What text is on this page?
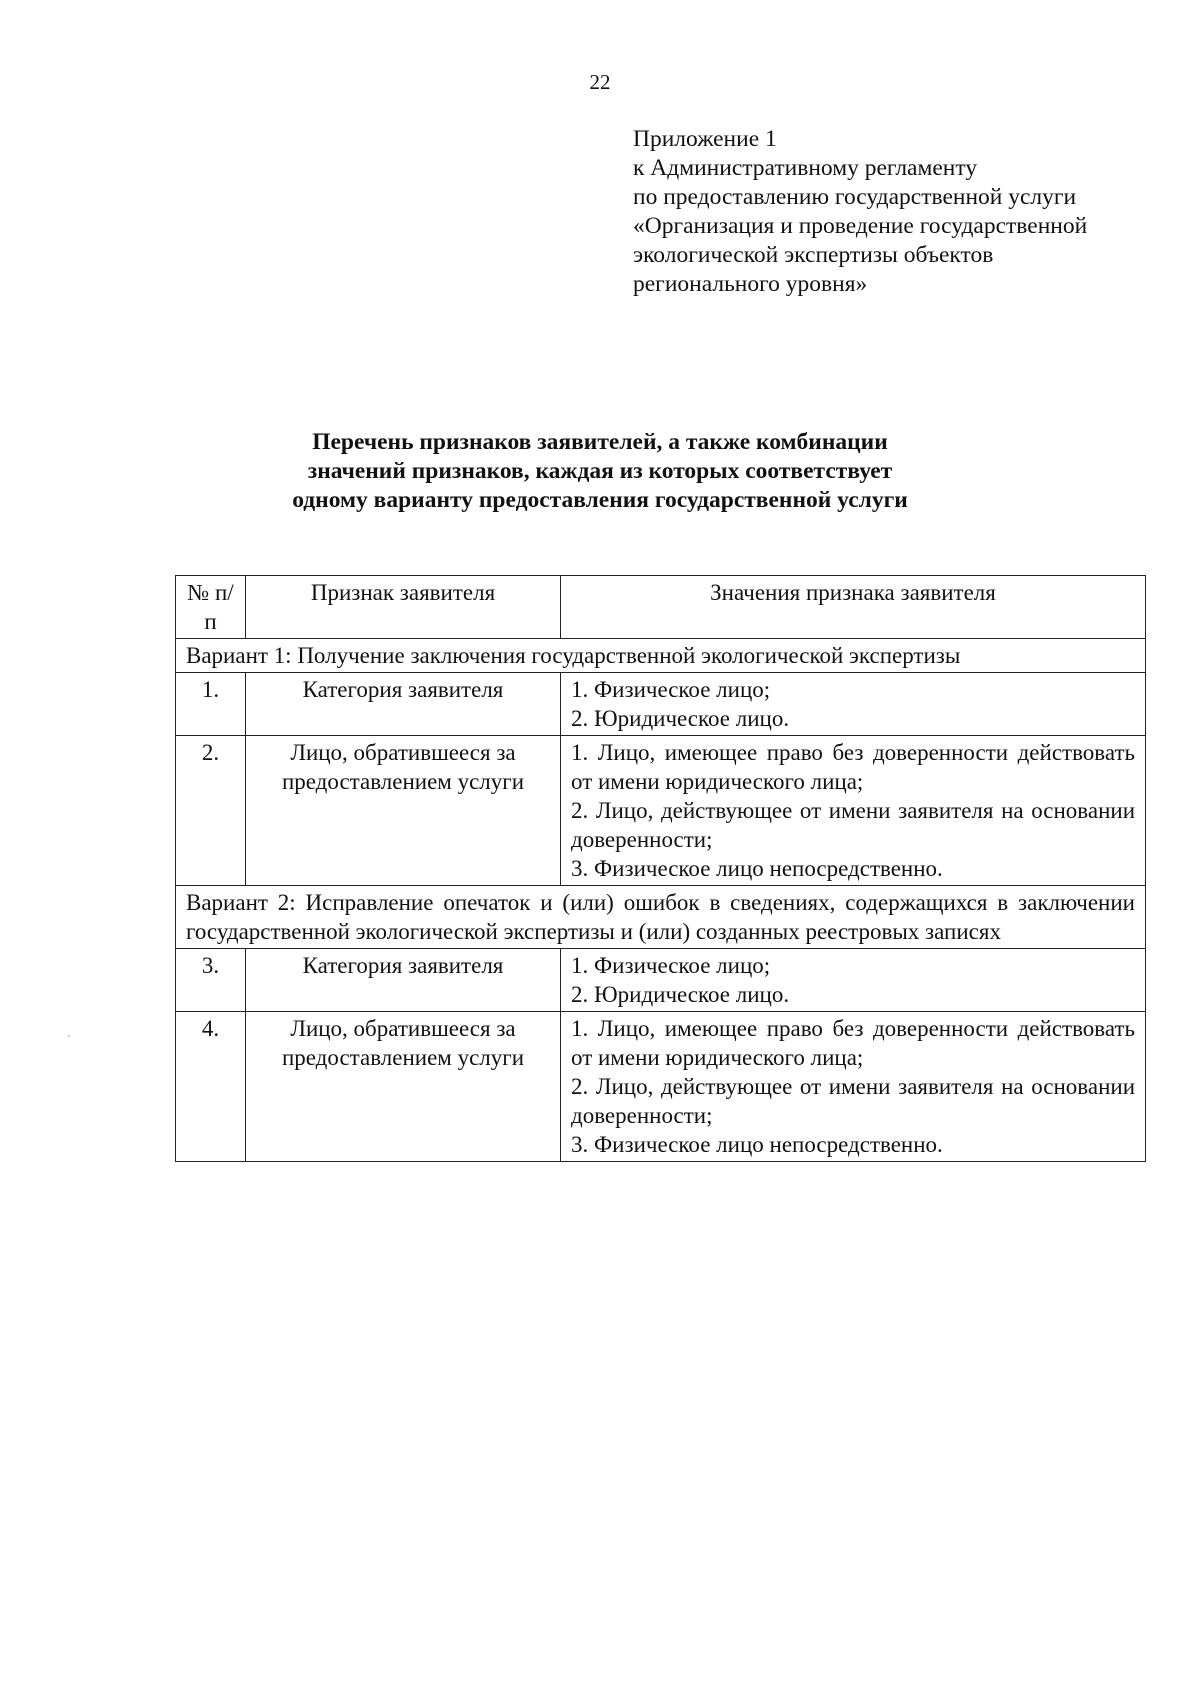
22
Приложение 1
к Административному регламенту
по предоставлению государственной услуги
«Организация и проведение государственной
экологической экспертизы объектов
регионального уровня»
Перечень признаков заявителей, а также комбинации
значений признаков, каждая из которых соответствует
одному варианту предоставления государственной услуги
№ п/п	Признак заявителя	Значения признака заявителя
Вариант 1: Получение заключения государственной экологической экспертизы		
1.	Категория заявителя	1. Физическое лицо;
2. Юридическое лицо.

2.	Лицо, обратившееся за предоставлением услуги	1. Лицо, имеющее право без доверенности действовать от имени юридического лица;
2. Лицо, действующее от имени заявителя на основании доверенности;
3. Физическое лицо непосредственно.

Вариант 2: Исправление опечаток и (или) ошибок в сведениях, содержащихся в заключении государственной экологической экспертизы и (или) созданных реестровых записях		
3.	Категория заявителя	1. Физическое лицо;
2. Юридическое лицо.

4.	Лицо, обратившееся за предоставлением услуги	1. Лицо, имеющее право без доверенности действовать от имени юридического лица;
2. Лицо, действующее от имени заявителя на основании доверенности;
3. Физическое лицо непосредственно.
